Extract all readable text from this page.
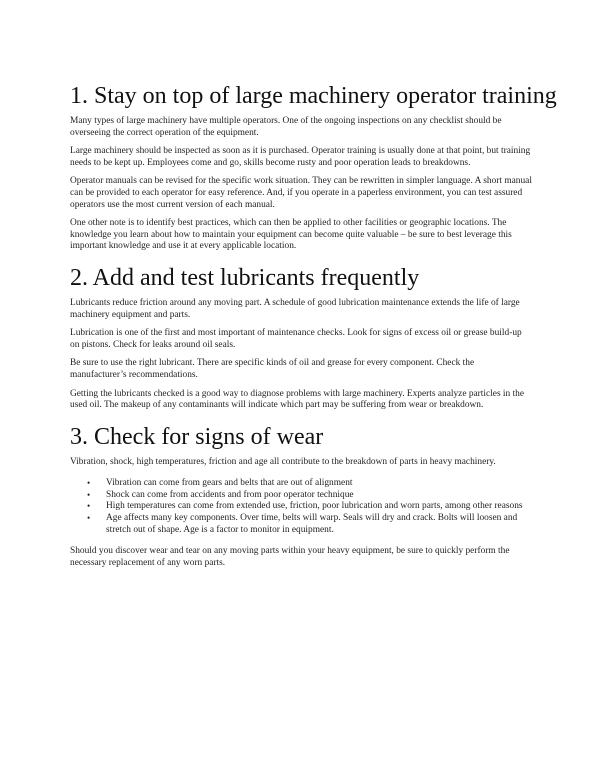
1. Stay on top of large machinery operator training

Many types of large machinery have multiple operators. One of the ongoing inspections on any checklist should be overseeing the correct operation of the equipment.

Large machinery should be inspected as soon as it is purchased. Operator training is usually done at that point, but training needs to be kept up. Employees come and go, skills become rusty and poor operation leads to breakdowns.

Operator manuals can be revised for the specific work situation. They can be rewritten in simpler language. A short manual can be provided to each operator for easy reference. And, if you operate in a paperless environment, you can test assured operators use the most current version of each manual.

One other note is to identify best practices, which can then be applied to other facilities or geographic locations. The knowledge you learn about how to maintain your equipment can become quite valuable – be sure to best leverage this important knowledge and use it at every applicable location.

2. Add and test lubricants frequently

Lubricants reduce friction around any moving part. A schedule of good lubrication maintenance extends the life of large machinery equipment and parts.

Lubrication is one of the first and most important of maintenance checks. Look for signs of excess oil or grease build-up on pistons. Check for leaks around oil seals.

Be sure to use the right lubricant. There are specific kinds of oil and grease for every component. Check the manufacturer’s recommendations.

Getting the lubricants checked is a good way to diagnose problems with large machinery. Experts analyze particles in the used oil. The makeup of any contaminants will indicate which part may be suffering from wear or breakdown.

3. Check for signs of wear

Vibration, shock, high temperatures, friction and age all contribute to the breakdown of parts in heavy machinery.

• Vibration can come from gears and belts that are out of alignment
• Shock can come from accidents and from poor operator technique
• High temperatures can come from extended use, friction, poor lubrication and worn parts, among other reasons
• Age affects many key components. Over time, belts will warp. Seals will dry and crack. Bolts will loosen and stretch out of shape. Age is a factor to monitor in equipment.

Should you discover wear and tear on any moving parts within your heavy equipment, be sure to quickly perform the necessary replacement of any worn parts.
